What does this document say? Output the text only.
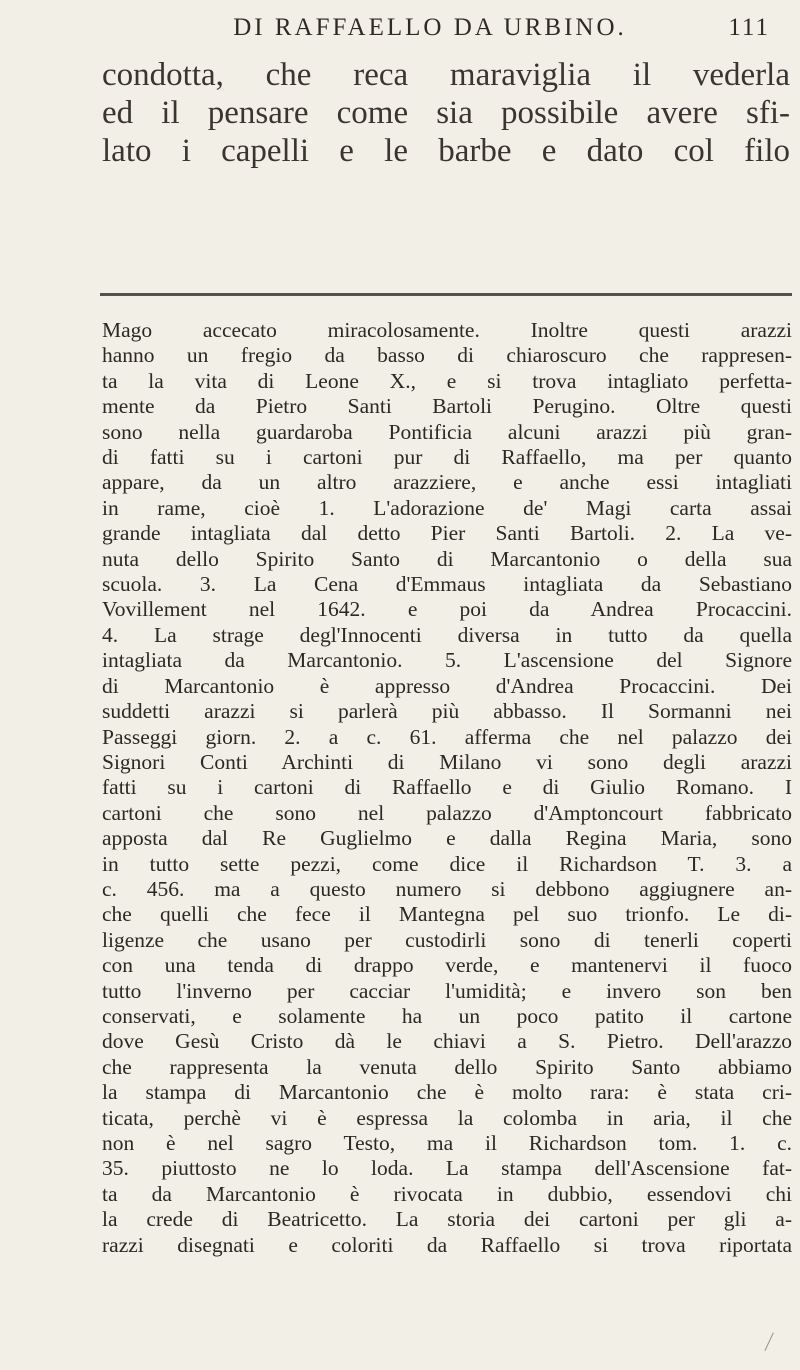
DI RAFFAELLO DA URBINO.	111
condotta, che reca maraviglia il vederla
ed il pensare come sia possibile avere sfi-
lato i capelli e le barbe e dato col filo
Mago accecato miracolosamente. Inoltre questi arazzi
hanno un fregio da basso di chiaroscuro che rappresen-
ta la vita di Leone X., e si trova intagliato perfetta-
mente da Pietro Santi Bartoli Perugino. Oltre questi
sono nella guardaroba Pontificia alcuni arazzi più gran-
di fatti su i cartoni pur di Raffaello, ma per quanto
appare, da un altro arazziere, e anche essi intagliati
in rame, cioè 1. L'adorazione de' Magi carta assai
grande intagliata dal detto Pier Santi Bartoli. 2. La ve-
nuta dello Spirito Santo di Marcantonio o della sua
scuola. 3. La Cena d'Emmaus intagliata da Sebastiano
Vovillement nel 1642. e poi da Andrea Procaccini.
4. La strage degl'Innocenti diversa in tutto da quella
intagliata da Marcantonio. 5. L'ascensione del Signore
di Marcantonio è appresso d'Andrea Procaccini. Dei
suddetti arazzi si parlerà più abbasso. Il Sormanni nei
Passeggi giorn. 2. a c. 61. afferma che nel palazzo dei
Signori Conti Archinti di Milano vi sono degli arazzi
fatti su i cartoni di Raffaello e di Giulio Romano. I
cartoni che sono nel palazzo d'Amptoncourt fabbricato
apposta dal Re Guglielmo e dalla Regina Maria, sono
in tutto sette pezzi, come dice il Richardson T. 3. a
c. 456. ma a questo numero si debbono aggiugnere an-
che quelli che fece il Mantegna pel suo trionfo. Le di-
ligenze che usano per custodirli sono di tenerli coperti
con una tenda di drappo verde, e mantenervi il fuoco
tutto l'inverno per cacciar l'umidità; e invero son ben
conservati, e solamente ha un poco patito il cartone
dove Gesù Cristo dà le chiavi a S. Pietro. Dell'arazzo
che rappresenta la venuta dello Spirito Santo abbiamo
la stampa di Marcantonio che è molto rara: è stata cri-
ticata, perchè vi è espressa la colomba in aria, il che
non è nel sagro Testo, ma il Richardson tom. 1. c.
35. piuttosto ne lo loda. La stampa dell'Ascensione fat-
ta da Marcantonio è rivocata in dubbio, essendovi chi
la crede di Beatricetto. La storia dei cartoni per gli a-
razzi disegnati e coloriti da Raffaello si trova riportata
